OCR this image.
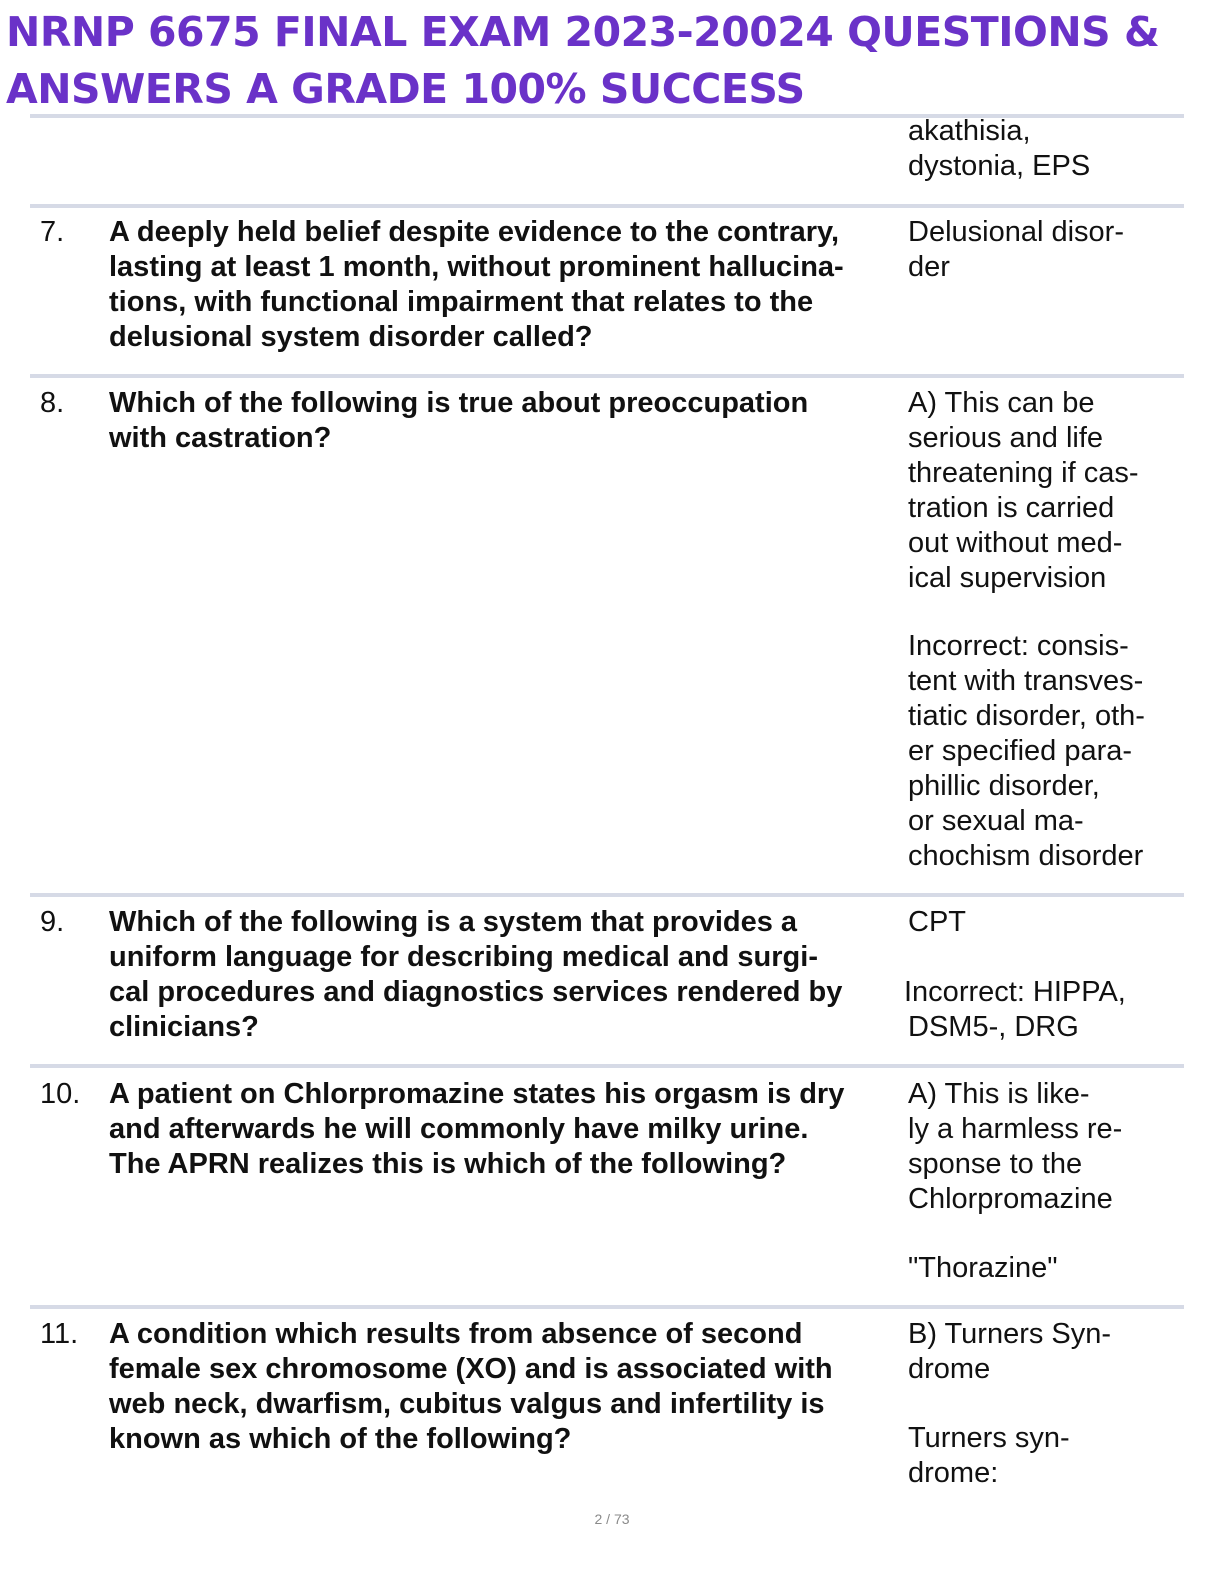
NRNP 6675 FINAL EXAM 2023-20024 QUESTIONS &
ANSWERS A GRADE 100% SUCCESS
akathisia,
dystonia, EPS
7. A deeply held belief despite evidence to the contrary,
lasting at least 1 month, without prominent hallucina-
tions, with functional impairment that relates to the
delusional system disorder called?
Delusional disor-
der
8. Which of the following is true about preoccupation
with castration?
A) This can be
serious and life
threatening if cas-
tration is carried
out without med-
ical supervision
Incorrect: consis-
tent with transves-
tiatic disorder, oth-
er specified para-
phillic disorder,
or sexual ma-
chochism disorder
9. Which of the following is a system that provides a
uniform language for describing medical and surgi-
cal procedures and diagnostics services rendered by
clinicians?
CPT
Incorrect: HIPPA,
DSM5-, DRG
10. A patient on Chlorpromazine states his orgasm is dry
and afterwards he will commonly have milky urine.
The APRN realizes this is which of the following?
A) This is like-
ly a harmless re-
sponse to the
Chlorpromazine
"Thorazine"
11. A condition which results from absence of second
female sex chromosome (XO) and is associated with
web neck, dwarfism, cubitus valgus and infertility is
known as which of the following?
B) Turners Syn-
drome
Turners syn-
drome:
2 / 73
